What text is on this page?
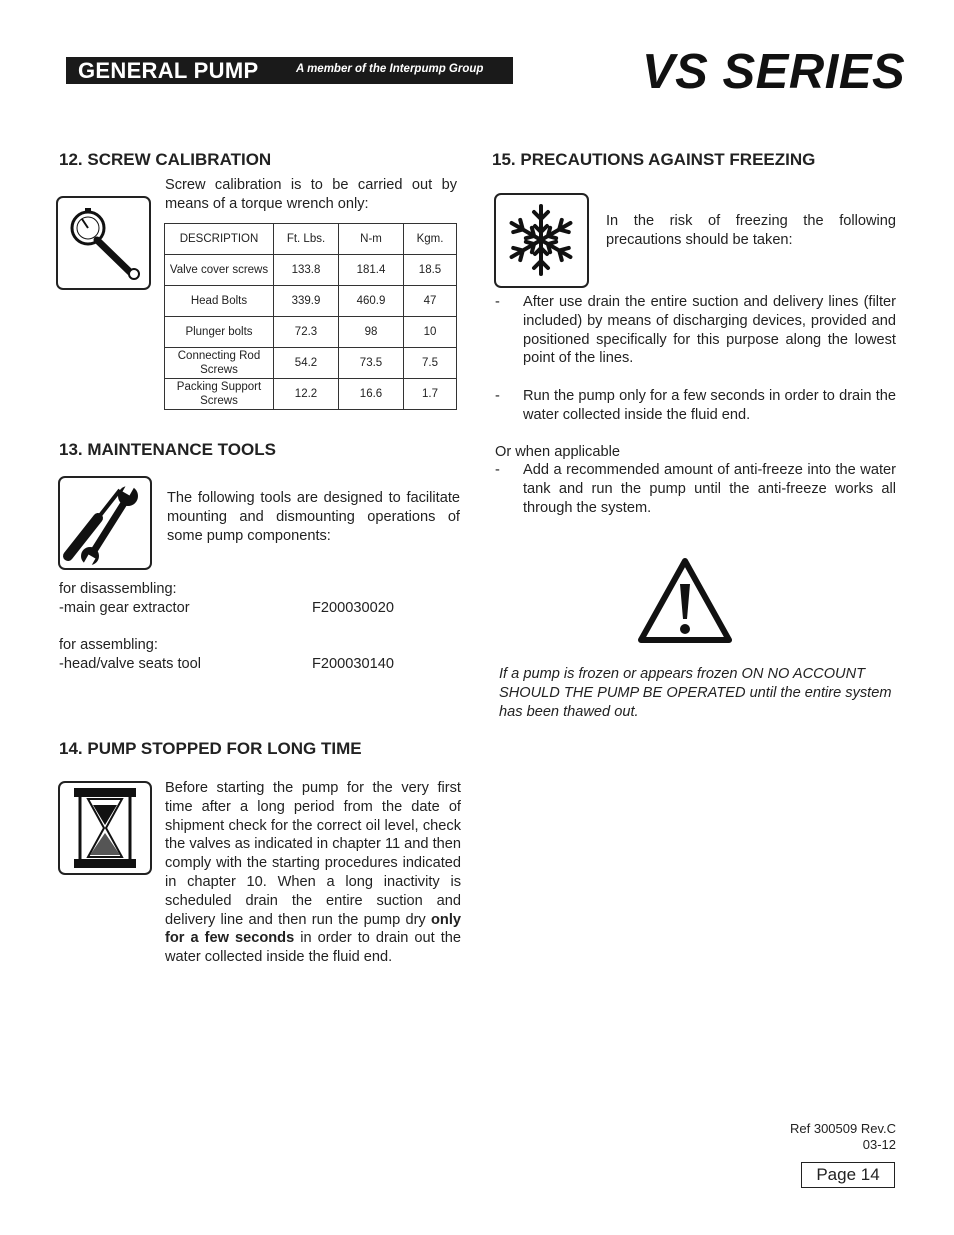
GENERAL PUMP	A member of the Interpump Group	VS SERIES
12. SCREW CALIBRATION
Screw calibration is to be carried out by means of a torque wrench only:
DESCRIPTION	Ft. Lbs.	N-m	Kgm.
Valve cover screws	133.8	181.4	18.5
Head Bolts	339.9	460.9	47
Plunger bolts	72.3	98	10
Connecting Rod Screws	54.2	73.5	7.5
Packing Support Screws	12.2	16.6	1.7
13. MAINTENANCE TOOLS
The following tools are designed to facilitate mounting and dismounting operations of some pump components:
for disassembling:
-main gear extractor	F200030020
for assembling:
-head/valve seats tool	F200030140
14. PUMP STOPPED FOR LONG TIME
Before starting the pump for the very first time after a long period from the date of shipment check for the correct oil level, check the valves as indicated in chapter 11 and then comply with the starting procedures indicated in chapter 10. When a long inactivity is scheduled drain the entire suction and delivery line and then run the pump dry only for a few seconds in order to drain out the water collected inside the fluid end.
15. PRECAUTIONS AGAINST FREEZING
In the risk of freezing the following precautions should be taken:
- After use drain the entire suction and delivery lines (filter included) by means of discharging devices, provided and positioned specifically for this purpose along the lowest point of the lines.
- Run the pump only for a few seconds in order to drain the water collected inside the fluid end.
Or when applicable
- Add a recommended amount of anti-freeze into the water tank and run the pump until the anti-freeze works all through the system.
If a pump is frozen or appears frozen ON NO ACCOUNT SHOULD THE PUMP BE OPERATED until the entire system has been thawed out.
Ref 300509 Rev.C
03-12
Page 14
